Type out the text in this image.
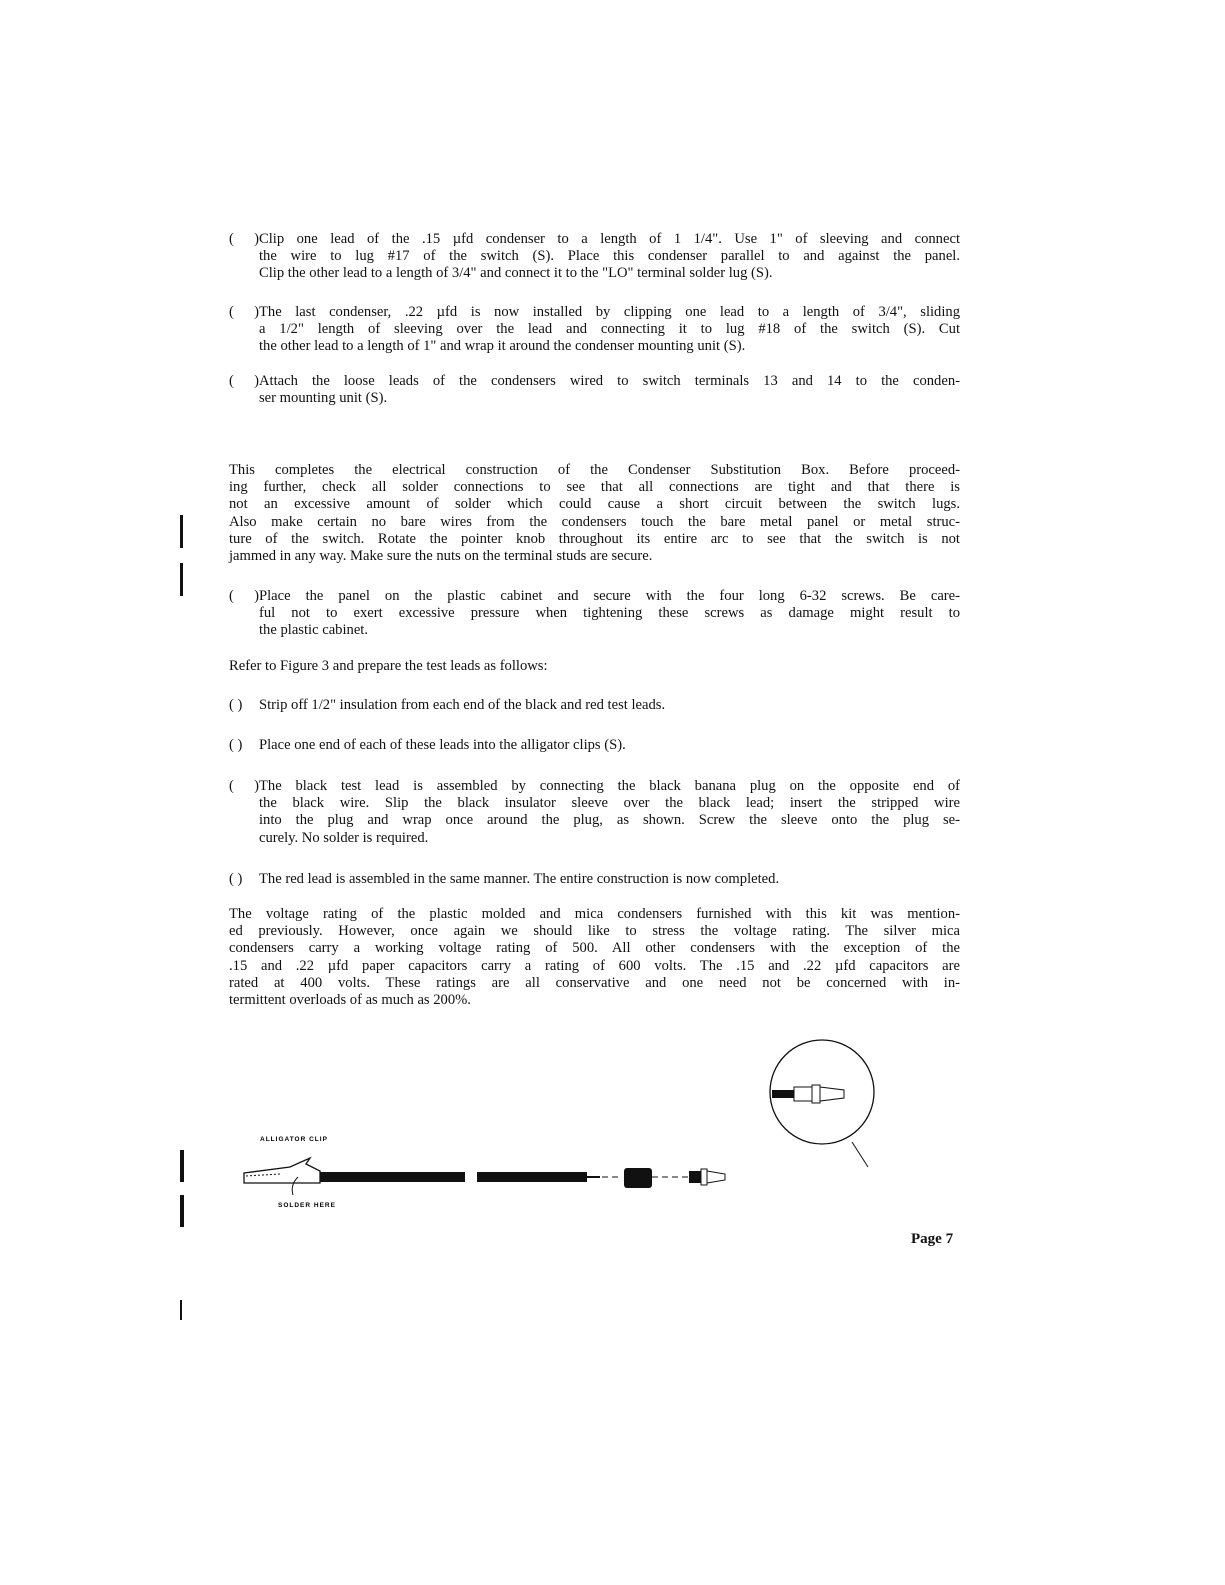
( )Clip one lead of the .15 µfd condenser to a length of 1 1/4". Use 1" of sleeving and connect
the wire to lug #17 of the switch (S). Place this condenser parallel to and against the panel.
Clip the other lead to a length of 3/4" and connect it to the "LO" terminal solder lug (S).
( )The last condenser, .22 µfd is now installed by clipping one lead to a length of 3/4", sliding
a 1/2" length of sleeving over the lead and connecting it to lug #18 of the switch (S). Cut
the other lead to a length of 1" and wrap it around the condenser mounting unit (S).
( )Attach the loose leads of the condensers wired to switch terminals 13 and 14 to the conden-
ser mounting unit (S).
This completes the electrical construction of the Condenser Substitution Box. Before proceed-
ing further, check all solder connections to see that all connections are tight and that there is
not an excessive amount of solder which could cause a short circuit between the switch lugs.
Also make certain no bare wires from the condensers touch the bare metal panel or metal struc-
ture of the switch. Rotate the pointer knob throughout its entire arc to see that the switch is not
jammed in any way. Make sure the nuts on the terminal studs are secure.
( )Place the panel on the plastic cabinet and secure with the four long 6-32 screws. Be care-
ful not to exert excessive pressure when tightening these screws as damage might result to
the plastic cabinet.
Refer to Figure 3 and prepare the test leads as follows:
( ) Strip off 1/2" insulation from each end of the black and red test leads.
( ) Place one end of each of these leads into the alligator clips (S).
( )The black test lead is assembled by connecting the black banana plug on the opposite end of
the black wire. Slip the black insulator sleeve over the black lead; insert the stripped wire
into the plug and wrap once around the plug, as shown. Screw the sleeve onto the plug se-
curely. No solder is required.
( ) The red lead is assembled in the same manner. The entire construction is now completed.
The voltage rating of the plastic molded and mica condensers furnished with this kit was mention-
ed previously. However, once again we should like to stress the voltage rating. The silver mica
condensers carry a working voltage rating of 500. All other condensers with the exception of the
.15 and .22 µfd paper capacitors carry a rating of 600 volts. The .15 and .22 µfd capacitors are
rated at 400 volts. These ratings are all conservative and one need not be concerned with in-
termittent overloads of as much as 200%.
ALLIGATOR CLIP
SOLDER HERE
Page 7
